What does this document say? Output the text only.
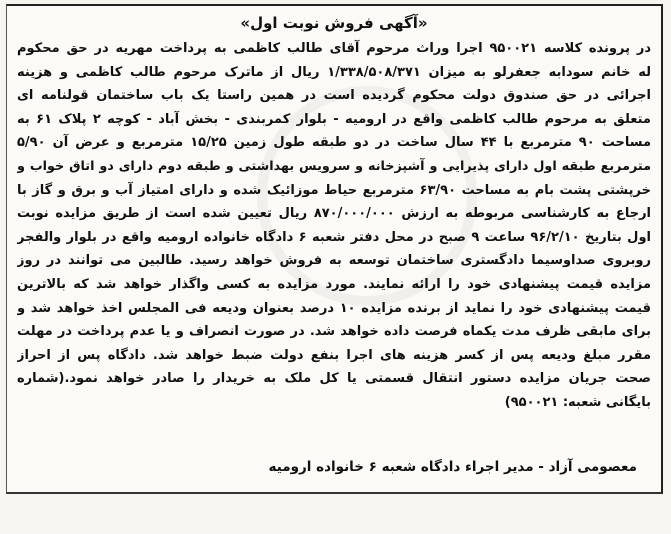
«آگهی فروش نوبت اول»
در پرونده کلاسه ۹۵۰۰۲۱ اجرا وراث مرحوم آقای طالب کاظمی به پرداخت مهریه در حق محکوم
له خانم سودابه جعفرلو به میزان ۱/۳۳۸/۵۰۸/۳۷۱ ریال از ماترک مرحوم طالب کاظمی و هزینه
اجرائی در حق صندوق دولت محکوم گردیده است در همین راستا یک باب ساختمان قولنامه ای
متعلق به مرحوم طالب کاظمی واقع در ارومیه - بلوار کمربندی - بخش آباد - کوچه ۲ پلاک ۶۱ به
مساحت ۹۰ مترمربع با ۴۴ سال ساخت در دو طبقه طول زمین ۱۵/۲۵ مترمربع و عرض آن ۵/۹۰
مترمربع طبقه اول دارای پذیرایی و آشپزخانه و سرویس بهداشتی و طبقه دوم دارای دو اتاق خواب و
خرپشتی پشت بام به مساحت ۶۳/۹۰ مترمربع حیاط موزائیک شده و دارای امتیاز آب و برق و گاز با
ارجاع به کارشناسی مربوطه به ارزش ۸۷۰/۰۰۰/۰۰۰ ریال تعیین شده است از طریق مزایده نوبت
اول بتاریخ ۹۶/۲/۱۰ ساعت ۹ صبح در محل دفتر شعبه ۶ دادگاه خانواده ارومیه واقع در بلوار والفجر
روبروی صداوسیما دادگستری ساختمان توسعه به فروش خواهد رسید. طالبین می توانند در روز
مزایده قیمت پیشنهادی خود را ارائه نمایند. مورد مزایده به کسی واگذار خواهد شد که بالاترین
قیمت پیشنهادی خود را نماید از برنده مزایده ۱۰ درصد بعنوان ودیعه فی المجلس اخذ خواهد شد و
برای مابقی ظرف مدت یکماه فرصت داده خواهد شد. در صورت انصراف و یا عدم پرداخت در مهلت
مقرر مبلغ ودیعه پس از کسر هزینه های اجرا بنفع دولت ضبط خواهد شد. دادگاه پس از احراز
صحت جریان مزایده دستور انتقال قسمتی یا کل ملک به خریدار را صادر خواهد نمود.(شماره
بایگانی شعبه: ۹۵۰۰۲۱)
معصومی آزاد - مدیر اجراء دادگاه شعبه ۶ خانواده ارومیه
